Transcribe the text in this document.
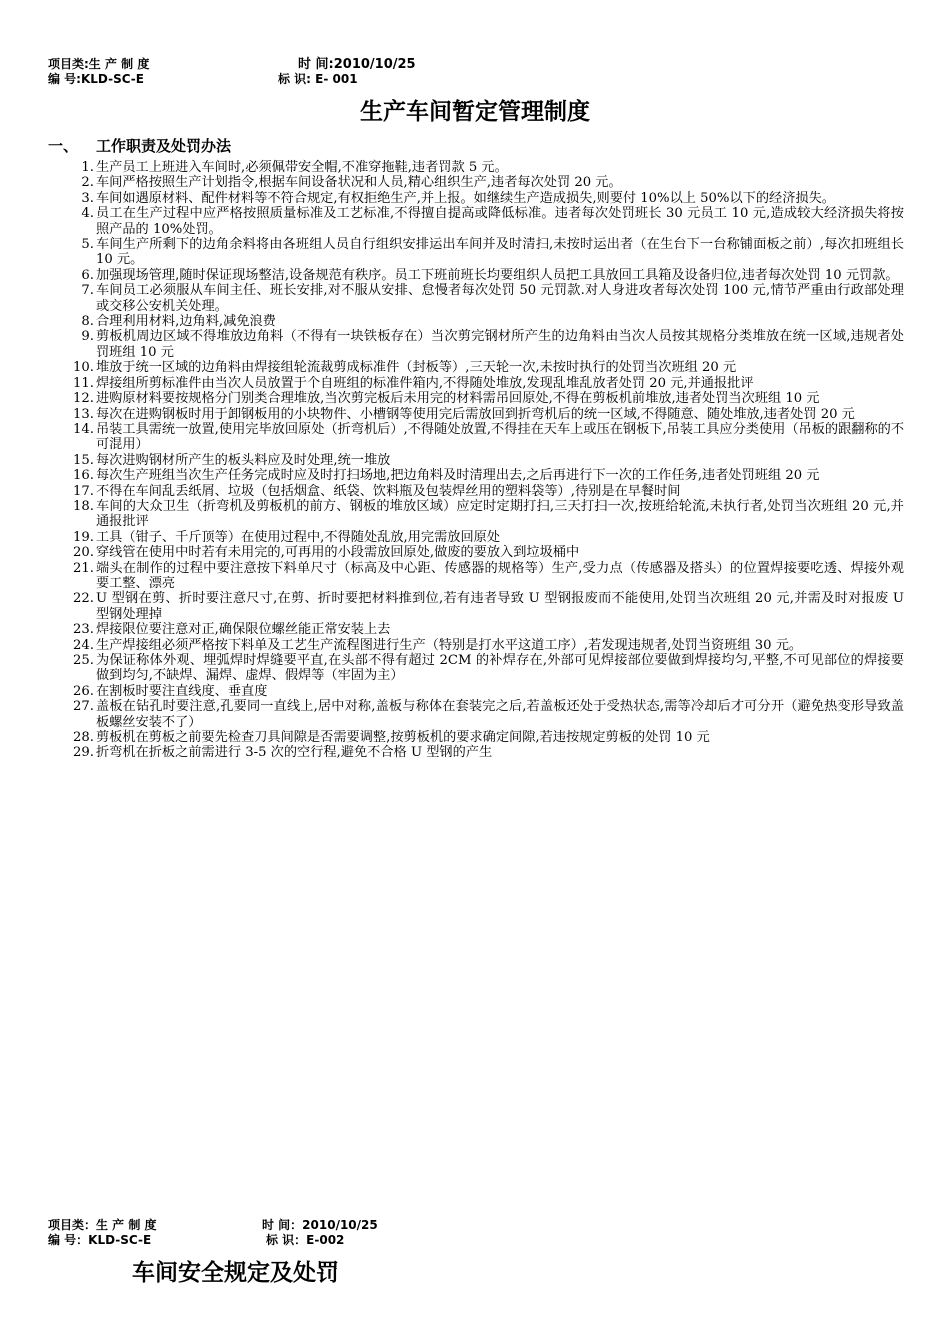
项目类:生 产 制 度
编 号:KLD-SC-E
时 间:2010/10/25
标 识: E- 001
生产车间暂定管理制度
一、 工作职责及处罚办法
1. 生产员工上班进入车间时,必须佩带安全帽,不准穿拖鞋,违者罚款 5 元。
2. 车间严格按照生产计划指令,根据车间设备状况和人员,精心组织生产,违者每次处罚 20 元。
3. 车间如遇原材料、配件材料等不符合规定,有权拒绝生产,并上报。如继续生产造成损失,则要付 10%以上 50%以下的经济损失。
4. 员工在生产过程中应严格按照质量标准及工艺标准,不得擅自提高或降低标准。违者每次处罚班长 30 元员工 10 元,造成较大经济损失将按照产品的 10%处罚。
5. 车间生产所剩下的边角余料将由各班组人员自行组织安排运出车间并及时清扫,未按时运出者（在生台下一台称铺面板之前）,每次扣班组长 10 元。
6. 加强现场管理,随时保证现场整洁,设备规范有秩序。员工下班前班长均要组织人员把工具放回工具箱及设备归位,违者每次处罚 10 元罚款。
7. 车间员工必须服从车间主任、班长安排,对不服从安排、怠慢者每次处罚 50 元罚款.对人身进攻者每次处罚 100 元,情节严重由行政部处理或交移公安机关处理。
8. 合理利用材料,边角料,减免浪费
9. 剪板机周边区域不得堆放边角料（不得有一块铁板存在）当次剪完钢材所产生的边角料由当次人员按其规格分类堆放在统一区域,违规者处罚班组 10 元
10. 堆放于统一区域的边角料由焊接组轮流裁剪成标准件（封板等）,三天轮一次,未按时执行的处罚当次班组 20 元
11. 焊接组所剪标准件由当次人员放置于个自班组的标准件箱内,不得随处堆放,发现乱堆乱放者处罚 20 元,并通报批评
12. 进购原材料要按规格分门别类合理堆放,当次剪完板后未用完的材料需吊回原处,不得在剪板机前堆放,违者处罚当次班组 10 元
13. 每次在进购钢板时用于卸钢板用的小块物件、小槽钢等使用完后需放回到折弯机后的统一区域,不得随意、随处堆放,违者处罚 20 元
14. 吊装工具需统一放置,使用完毕放回原处（折弯机后）,不得随处放置,不得挂在天车上或压在钢板下,吊装工具应分类使用（吊板的跟翻称的不可混用）
15. 每次进购钢材所产生的板头料应及时处理,统一堆放
16. 每次生产班组当次生产任务完成时应及时打扫场地,把边角料及时清理出去,之后再进行下一次的工作任务,违者处罚班组 20 元
17. 不得在车间乱丢纸屑、垃圾（包括烟盒、纸袋、饮料瓶及包装焊丝用的塑料袋等）,待别是在早餐时间
18. 车间的大众卫生（折弯机及剪板机的前方、钢板的堆放区域）应定时定期打扫,三天打扫一次,按班给轮流,未执行者,处罚当次班组 20 元,并通报批评
19. 工具（钳子、千斤顶等）在使用过程中,不得随处乱放,用完需放回原处
20. 穿线管在使用中时若有未用完的,可再用的小段需放回原处,做废的要放入到垃圾桶中
21. 端头在制作的过程中要注意按下料单尺寸（标高及中心距、传感器的规格等）生产,受力点（传感器及搭头）的位置焊接要吃透、焊接外观要工整、漂亮
22. U 型钢在剪、折时要注意尺寸,在剪、折时要把材料推到位,若有违者导致 U 型钢报废而不能使用,处罚当次班组 20 元,并需及时对报废 U 型钢处理掉
23. 焊接限位要注意对正,确保限位螺丝能正常安装上去
24. 生产焊接组必须严格按下料单及工艺生产流程图进行生产（特别是打水平这道工序）,若发现违规者,处罚当资班组 30 元。
25. 为保证称体外观、埋弧焊时焊缝要平直,在头部不得有超过 2CM 的补焊存在,外部可见焊接部位要做到焊接均匀,平整,不可见部位的焊接要做到均匀,不缺焊、漏焊、虚焊、假焊等（牢固为主）
26. 在割板时要注直线度、垂直度
27. 盖板在钻孔时要注意,孔要同一直线上,居中对称,盖板与称体在套装完之后,若盖板还处于受热状态,需等冷却后才可分开（避免热变形导致盖板螺丝安装不了）
28. 剪板机在剪板之前要先检查刀具间隙是否需要调整,按剪板机的要求确定间隙,若违按规定剪板的处罚 10 元
29. 折弯机在折板之前需进行 3-5 次的空行程,避免不合格 U 型钢的产生
项目类：生 产 制 度
编 号：KLD-SC-E
时 间：2010/10/25
标 识：E-002
车间安全规定及处罚
